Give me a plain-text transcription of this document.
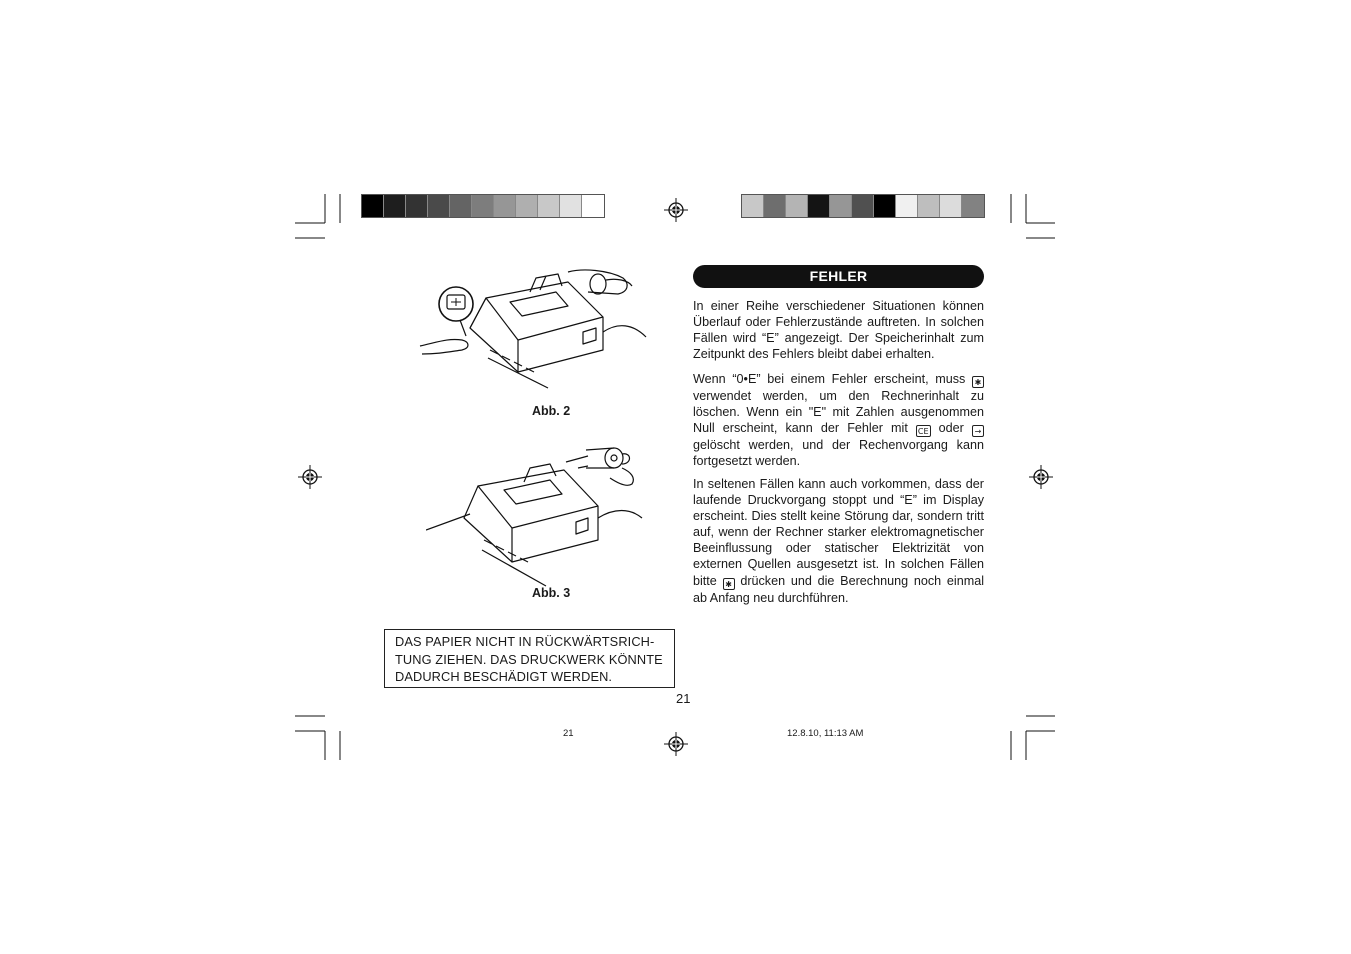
Abb. 2
Abb. 3
DAS PAPIER NICHT IN RÜCKWÄRTSRICH-TUNG ZIEHEN. DAS DRUCKWERK KÖNNTE DADURCH BESCHÄDIGT WERDEN.
FEHLER

In einer Reihe verschiedener Situationen können Überlauf oder Fehlerzustände auftreten. In solchen Fällen wird “E” angezeigt. Der Speicherinhalt zum Zeitpunkt des Fehlers bleibt dabei erhalten.

Wenn “0•E” bei einem Fehler erscheint, muss ✱ verwendet werden, um den Rechnerinhalt zu löschen. Wenn ein "E" mit Zahlen ausgenommen Null erscheint, kann der Fehler mit CE oder → gelöscht werden, und der Rechenvorgang kann fortgesetzt werden.

In seltenen Fällen kann auch vorkommen, dass der laufende Druckvorgang stoppt und “E” im Display erscheint. Dies stellt keine Störung dar, sondern tritt auf, wenn der Rechner starker elektromagnetischer Beeinflussung oder statischer Elektrizität von externen Quellen ausgesetzt ist. In solchen Fällen bitte ✱ drücken und die Berechnung noch einmal ab Anfang neu durchführen.

21
21	12.8.10, 11:13 AM
